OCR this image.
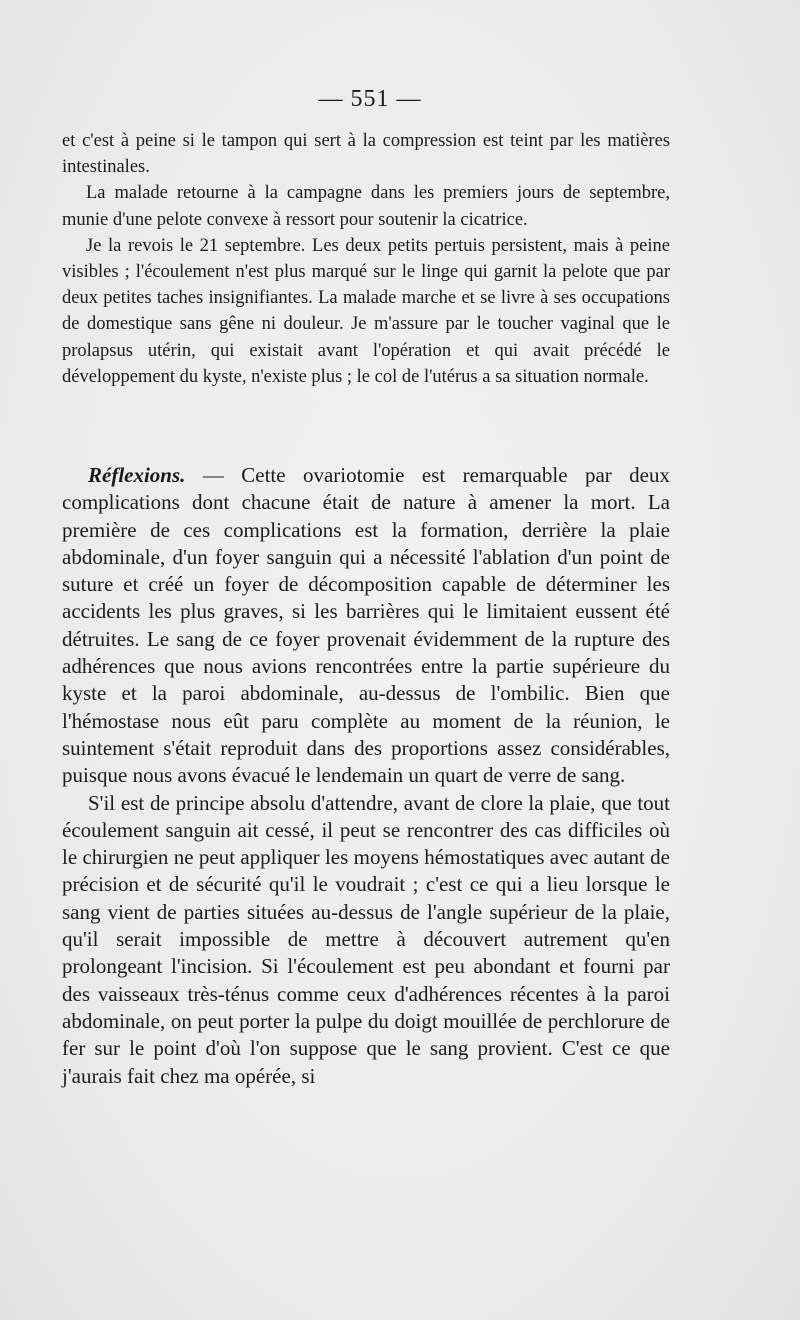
— 551 —

et c'est à peine si le tampon qui sert à la compression est teint par les matières intestinales.

La malade retourne à la campagne dans les premiers jours de septembre, munie d'une pelote convexe à ressort pour soutenir la cicatrice.

Je la revois le 21 septembre. Les deux petits pertuis persistent, mais à peine visibles ; l'écoulement n'est plus marqué sur le linge qui garnit la pelote que par deux petites taches insignifiantes. La malade marche et se livre à ses occupations de domestique sans gêne ni douleur. Je m'assure par le toucher vaginal que le prolapsus utérin, qui existait avant l'opération et qui avait précédé le développement du kyste, n'existe plus ; le col de l'utérus a sa situation normale.

Réflexions. — Cette ovariotomie est remarquable par deux complications dont chacune était de nature à amener la mort. La première de ces complications est la formation, derrière la plaie abdominale, d'un foyer sanguin qui a nécessité l'ablation d'un point de suture et créé un foyer de décomposition capable de déterminer les accidents les plus graves, si les barrières qui le limitaient eussent été détruites. Le sang de ce foyer provenait évidemment de la rupture des adhérences que nous avions rencontrées entre la partie supérieure du kyste et la paroi abdominale, au-dessus de l'ombilic. Bien que l'hémostase nous eût paru complète au moment de la réunion, le suintement s'était reproduit dans des proportions assez considérables, puisque nous avons évacué le lendemain un quart de verre de sang.

S'il est de principe absolu d'attendre, avant de clore la plaie, que tout écoulement sanguin ait cessé, il peut se rencontrer des cas difficiles où le chirurgien ne peut appliquer les moyens hémostatiques avec autant de précision et de sécurité qu'il le voudrait ; c'est ce qui a lieu lorsque le sang vient de parties situées au-dessus de l'angle supérieur de la plaie, qu'il serait impossible de mettre à découvert autrement qu'en prolongeant l'incision. Si l'écoulement est peu abondant et fourni par des vaisseaux très-ténus comme ceux d'adhérences récentes à la paroi abdominale, on peut porter la pulpe du doigt mouillée de perchlorure de fer sur le point d'où l'on suppose que le sang provient. C'est ce que j'aurais fait chez ma opérée, si
